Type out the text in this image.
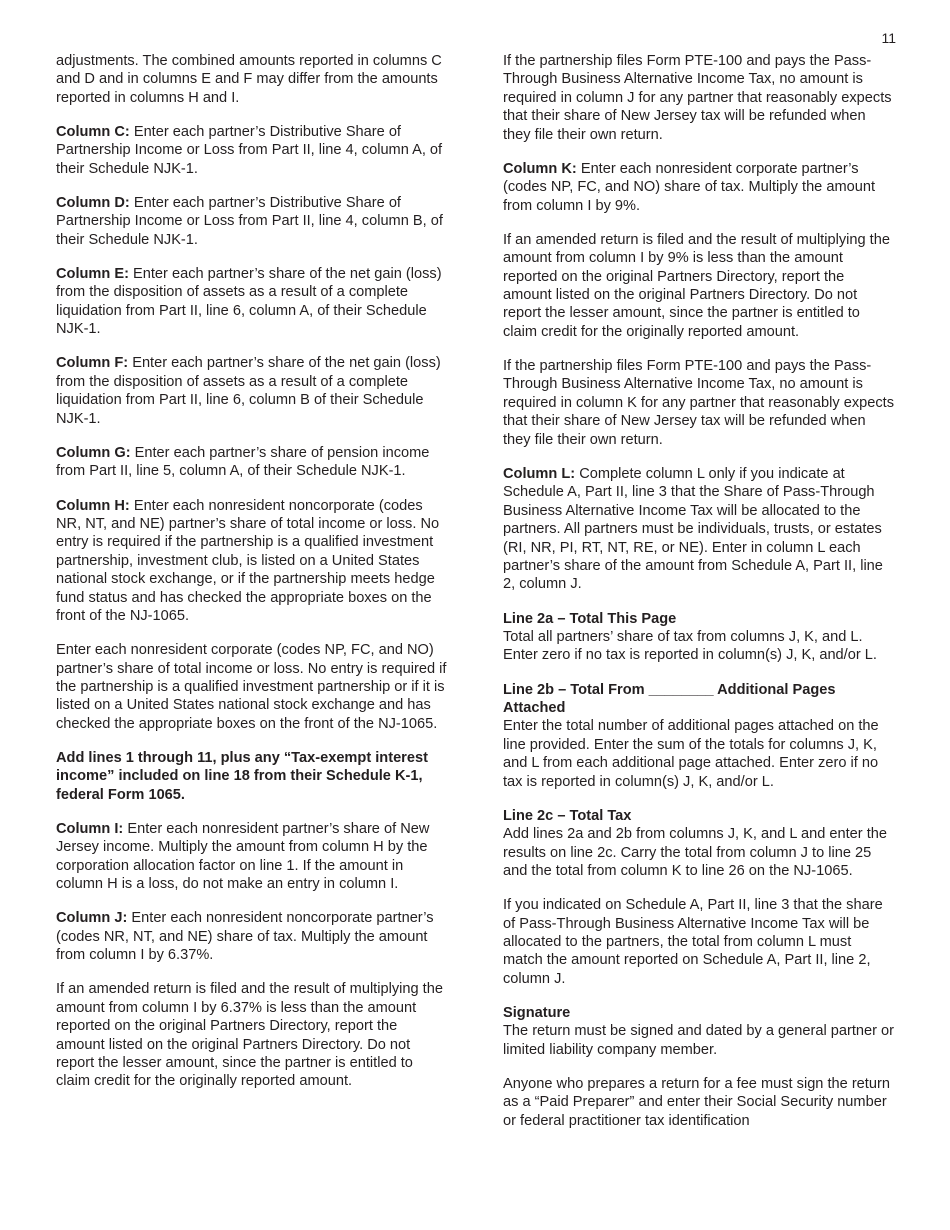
11

adjustments. The combined amounts reported in columns C and D and in columns E and F may differ from the amounts reported in columns H and I.

Column C: Enter each partner’s Distributive Share of Partnership Income or Loss from Part II, line 4, column A, of their Schedule NJK-1.

Column D: Enter each partner’s Distributive Share of Partnership Income or Loss from Part II, line 4, column B, of their Schedule NJK-1.

Column E: Enter each partner’s share of the net gain (loss) from the disposition of assets as a result of a complete liquidation from Part II, line 6, column A, of their Schedule NJK-1.

Column F: Enter each partner’s share of the net gain (loss) from the disposition of assets as a result of a complete liquidation from Part II, line 6, column B of their Schedule NJK-1.

Column G: Enter each partner’s share of pension income from Part II, line 5, column A, of their Schedule NJK-1.

Column H: Enter each nonresident noncorporate (codes NR, NT, and NE) partner’s share of total income or loss. No entry is required if the partnership is a qualified investment partnership, investment club, is listed on a United States national stock exchange, or if the partnership meets hedge fund status and has checked the appropriate boxes on the front of the NJ-1065.

Enter each nonresident corporate (codes NP, FC, and NO) partner’s share of total income or loss. No entry is required if the partnership is a qualified investment partnership or if it is listed on a United States national stock exchange and has checked the appropriate boxes on the front of the NJ-1065.

Add lines 1 through 11, plus any “Tax-exempt interest income” included on line 18 from their Schedule K-1, federal Form 1065.

Column I: Enter each nonresident partner’s share of New Jersey income. Multiply the amount from column H by the corporation allocation factor on line 1. If the amount in column H is a loss, do not make an entry in column I.

Column J: Enter each nonresident noncorporate partner’s (codes NR, NT, and NE) share of tax. Multiply the amount from column I by 6.37%.

If an amended return is filed and the result of multiplying the amount from column I by 6.37% is less than the amount reported on the original Partners Directory, report the amount listed on the original Partners Directory. Do not report the lesser amount, since the partner is entitled to claim credit for the originally reported amount.

If the partnership files Form PTE-100 and pays the Pass-Through Business Alternative Income Tax, no amount is required in column J for any partner that reasonably expects that their share of New Jersey tax will be refunded when they file their own return.

Column K: Enter each nonresident corporate partner’s (codes NP, FC, and NO) share of tax. Multiply the amount from column I by 9%.

If an amended return is filed and the result of multiplying the amount from column I by 9% is less than the amount reported on the original Partners Directory, report the amount listed on the original Partners Directory. Do not report the lesser amount, since the partner is entitled to claim credit for the originally reported amount.

If the partnership files Form PTE-100 and pays the Pass-Through Business Alternative Income Tax, no amount is required in column K for any partner that reasonably expects that their share of New Jersey tax will be refunded when they file their own return.

Column L: Complete column L only if you indicate at Schedule A, Part II, line 3 that the Share of Pass-Through Business Alternative Income Tax will be allocated to the partners. All partners must be individuals, trusts, or estates (RI, NR, PI, RT, NT, RE, or NE). Enter in column L each partner’s share of the amount from Schedule A, Part II, line 2, column J.

Line 2a – Total This Page
Total all partners’ share of tax from columns J, K, and L. Enter zero if no tax is reported in column(s) J, K, and/or L.

Line 2b – Total From ________ Additional Pages Attached
Enter the total number of additional pages attached on the line provided. Enter the sum of the totals for columns J, K, and L from each additional page attached. Enter zero if no tax is reported in column(s) J, K, and/or L.

Line 2c – Total Tax
Add lines 2a and 2b from columns J, K, and L and enter the results on line 2c. Carry the total from column J to line 25 and the total from column K to line 26 on the NJ-1065.

If you indicated on Schedule A, Part II, line 3 that the share of Pass-Through Business Alternative Income Tax will be allocated to the partners, the total from column L must match the amount reported on Schedule A, Part II, line 2, column J.

Signature
The return must be signed and dated by a general partner or limited liability company member.

Anyone who prepares a return for a fee must sign the return as a “Paid Preparer” and enter their Social Security number or federal practitioner tax identification
